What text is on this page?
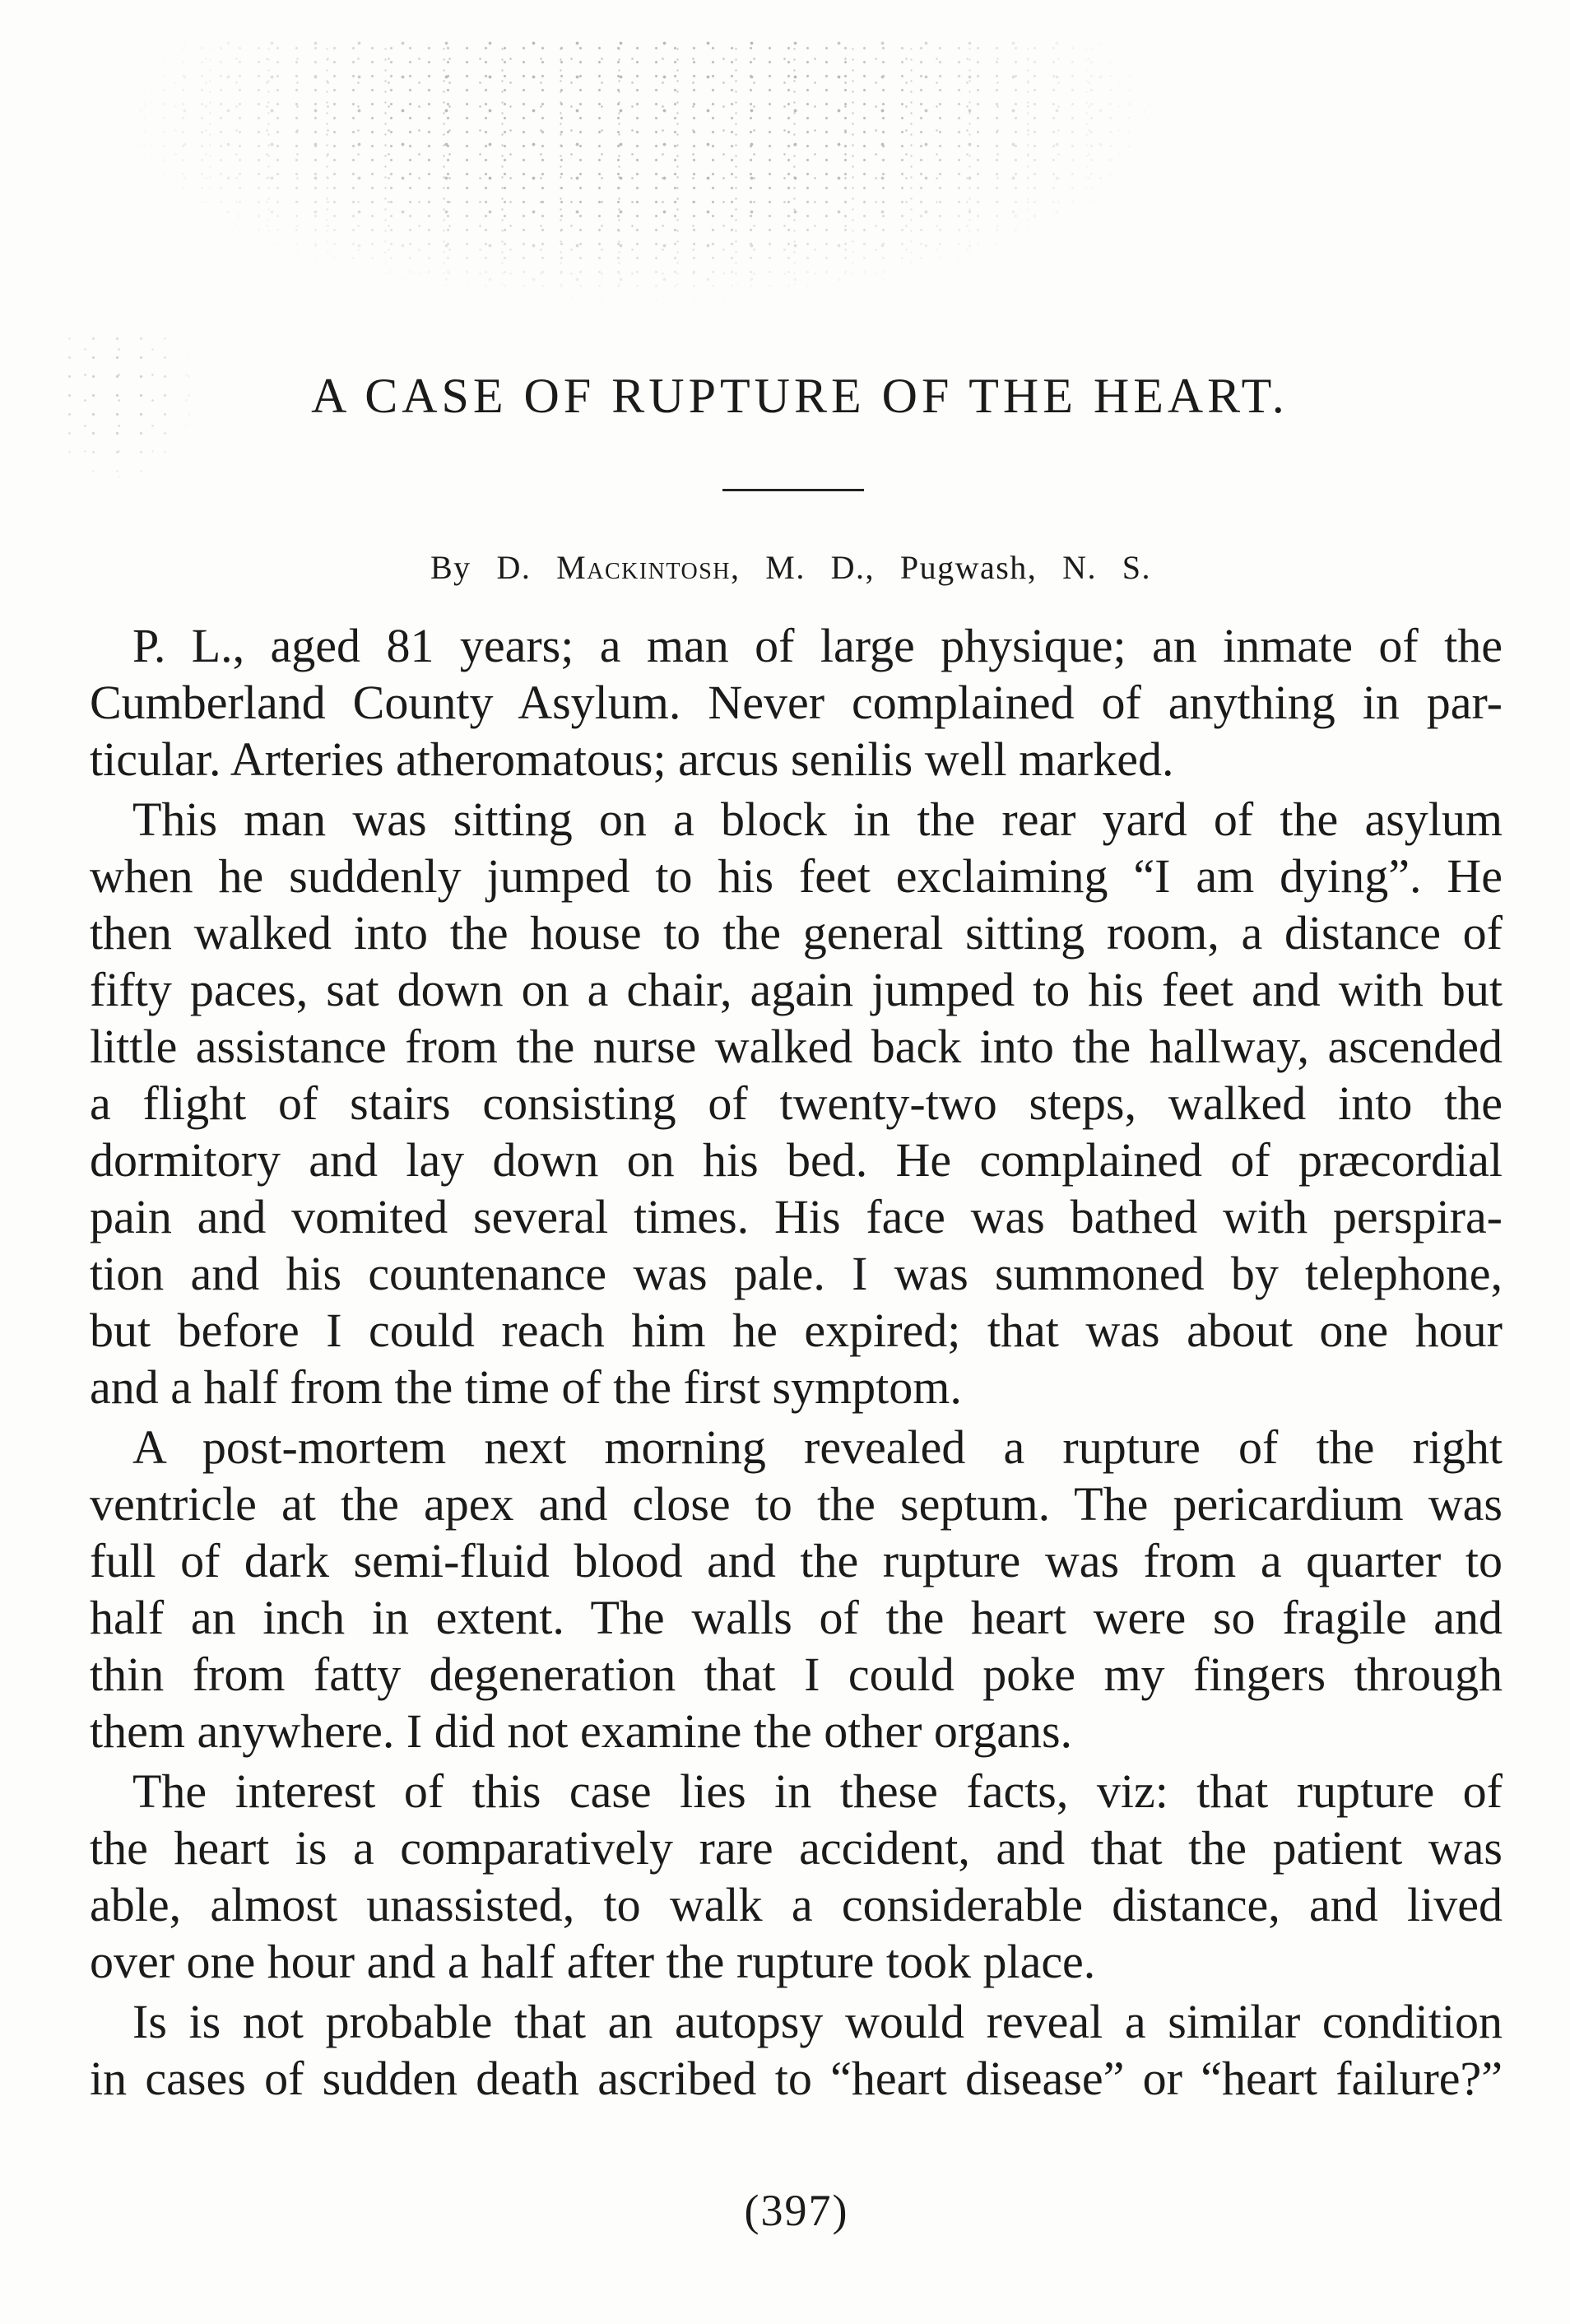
A CASE OF RUPTURE OF THE HEART.
By D. Mackintosh, M. D., Pugwash, N. S.
P. L., aged 81 years; a man of large physique; an inmate of the
Cumberland County Asylum. Never complained of anything in par-
ticular. Arteries atheromatous; arcus senilis well marked.
This man was sitting on a block in the rear yard of the asylum
when he suddenly jumped to his feet exclaiming “I am dying”. He
then walked into the house to the general sitting room, a distance of
fifty paces, sat down on a chair, again jumped to his feet and with but
little assistance from the nurse walked back into the hallway, ascended
a flight of stairs consisting of twenty-two steps, walked into the
dormitory and lay down on his bed. He complained of præcordial
pain and vomited several times. His face was bathed with perspira-
tion and his countenance was pale. I was summoned by telephone,
but before I could reach him he expired; that was about one hour
and a half from the time of the first symptom.
A post-mortem next morning revealed a rupture of the right
ventricle at the apex and close to the septum. The pericardium was
full of dark semi-fluid blood and the rupture was from a quarter to
half an inch in extent. The walls of the heart were so fragile and
thin from fatty degeneration that I could poke my fingers through
them anywhere. I did not examine the other organs.
The interest of this case lies in these facts, viz: that rupture of
the heart is a comparatively rare accident, and that the patient was
able, almost unassisted, to walk a considerable distance, and lived
over one hour and a half after the rupture took place.
Is is not probable that an autopsy would reveal a similar condition
in cases of sudden death ascribed to “heart disease” or “heart failure?”
(397)
